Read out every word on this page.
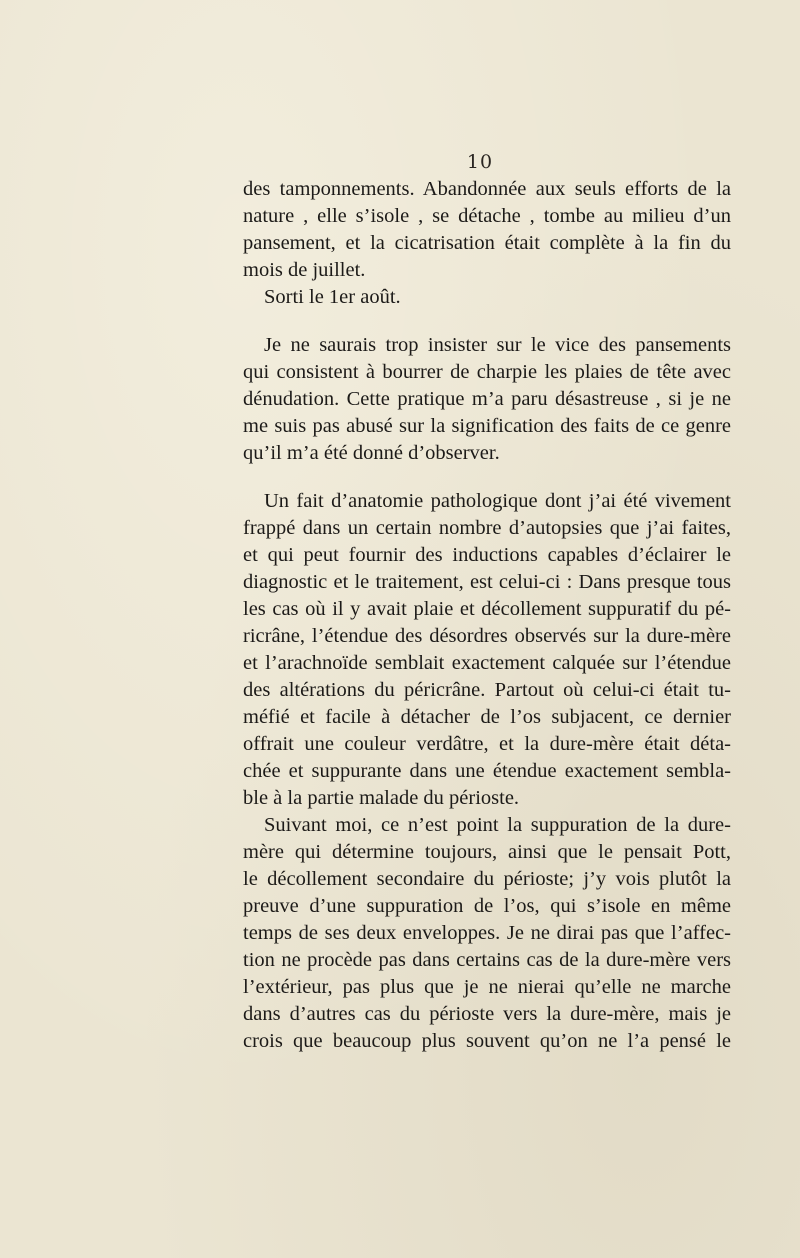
10
des tamponnements. Abandonnée aux seuls efforts de la
nature , elle s’isole , se détache , tombe au milieu d’un
pansement, et la cicatrisation était complète à la fin du
mois de juillet.
Sorti le 1er août.
Je ne saurais trop insister sur le vice des pansements
qui consistent à bourrer de charpie les plaies de tête avec
dénudation. Cette pratique m’a paru désastreuse , si je ne
me suis pas abusé sur la signification des faits de ce genre
qu’il m’a été donné d’observer.
Un fait d’anatomie pathologique dont j’ai été vivement
frappé dans un certain nombre d’autopsies que j’ai faites,
et qui peut fournir des inductions capables d’éclairer le
diagnostic et le traitement, est celui-ci : Dans presque tous
les cas où il y avait plaie et décollement suppuratif du pé-
ricrâne, l’étendue des désordres observés sur la dure-mère
et l’arachnoïde semblait exactement calquée sur l’étendue
des altérations du péricrâne. Partout où celui-ci était tu-
méfié et facile à détacher de l’os subjacent, ce dernier
offrait une couleur verdâtre, et la dure-mère était déta-
chée et suppurante dans une étendue exactement sembla-
ble à la partie malade du périoste.
Suivant moi, ce n’est point la suppuration de la dure-
mère qui détermine toujours, ainsi que le pensait Pott,
le décollement secondaire du périoste; j’y vois plutôt la
preuve d’une suppuration de l’os, qui s’isole en même
temps de ses deux enveloppes. Je ne dirai pas que l’affec-
tion ne procède pas dans certains cas de la dure-mère vers
l’extérieur, pas plus que je ne nierai qu’elle ne marche
dans d’autres cas du périoste vers la dure-mère, mais je
crois que beaucoup plus souvent qu’on ne l’a pensé le
